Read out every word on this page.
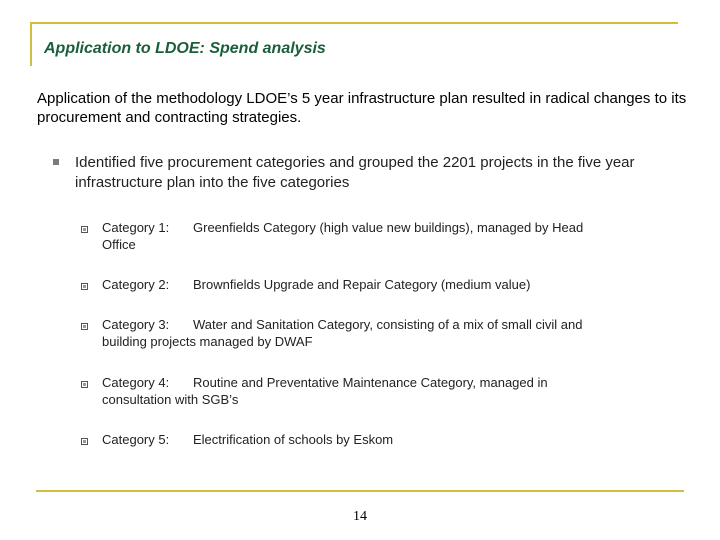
Application to LDOE: Spend analysis
Application of the methodology LDOE’s 5 year infrastructure plan resulted in radical changes to its procurement and contracting strategies.
Identified five procurement categories and grouped the 2201 projects in the five year infrastructure plan into the five categories
Category 1: Greenfields Category (high value new buildings), managed by Head
Office
Category 2: Brownfields Upgrade and Repair Category (medium value)
Category 3: Water and Sanitation Category, consisting of a mix of small civil and
building projects managed by DWAF
Category 4: Routine and Preventative Maintenance Category, managed in
consultation with SGB’s
Category 5: Electrification of schools by Eskom
14
